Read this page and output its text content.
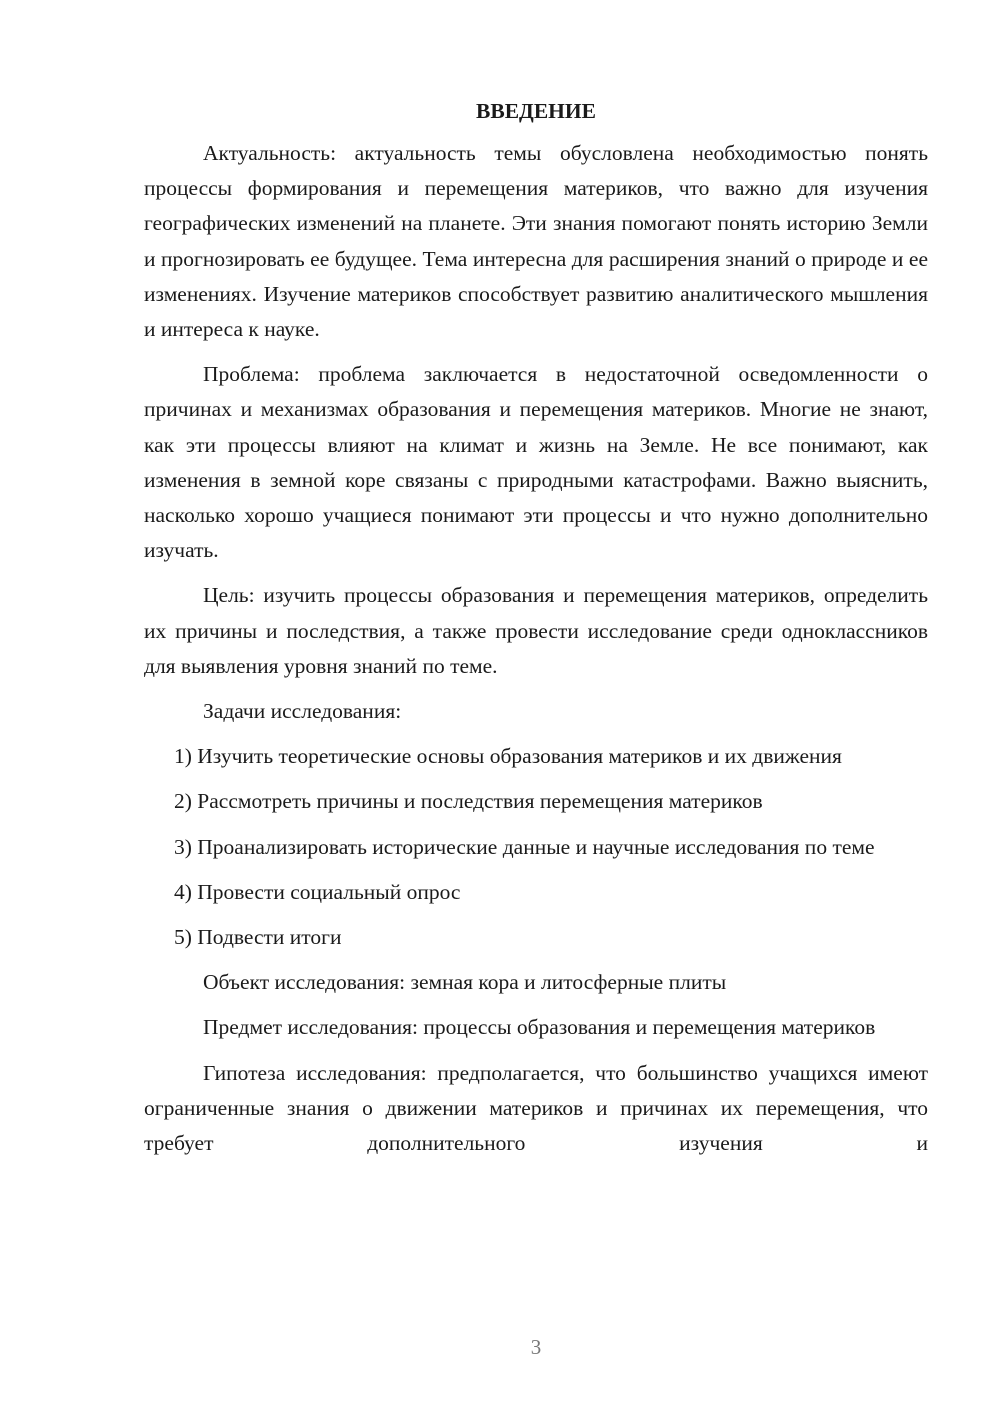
ВВЕДЕНИЕ

Актуальность: актуальность темы обусловлена необходимостью понять процессы формирования и перемещения материков, что важно для изучения географических изменений на планете. Эти знания помогают понять историю Земли и прогнозировать ее будущее. Тема интересна для расширения знаний о природе и ее изменениях. Изучение материков способствует развитию аналитического мышления и интереса к науке.

Проблема: проблема заключается в недостаточной осведомленности о причинах и механизмах образования и перемещения материков. Многие не знают, как эти процессы влияют на климат и жизнь на Земле. Не все понимают, как изменения в земной коре связаны с природными катастрофами. Важно выяснить, насколько хорошо учащиеся понимают эти процессы и что нужно дополнительно изучать.

Цель: изучить процессы образования и перемещения материков, определить их причины и последствия, а также провести исследование среди одноклассников для выявления уровня знаний по теме.

Задачи исследования:

1) Изучить теоретические основы образования материков и их движения

2) Рассмотреть причины и последствия перемещения материков

3) Проанализировать исторические данные и научные исследования по теме

4) Провести социальный опрос

5) Подвести итоги

Объект исследования: земная кора и литосферные плиты

Предмет исследования: процессы образования и перемещения материков

Гипотеза исследования: предполагается, что большинство учащихся имеют ограниченные знания о движении материков и причинах их перемещения, что требует дополнительного изучения и

3
